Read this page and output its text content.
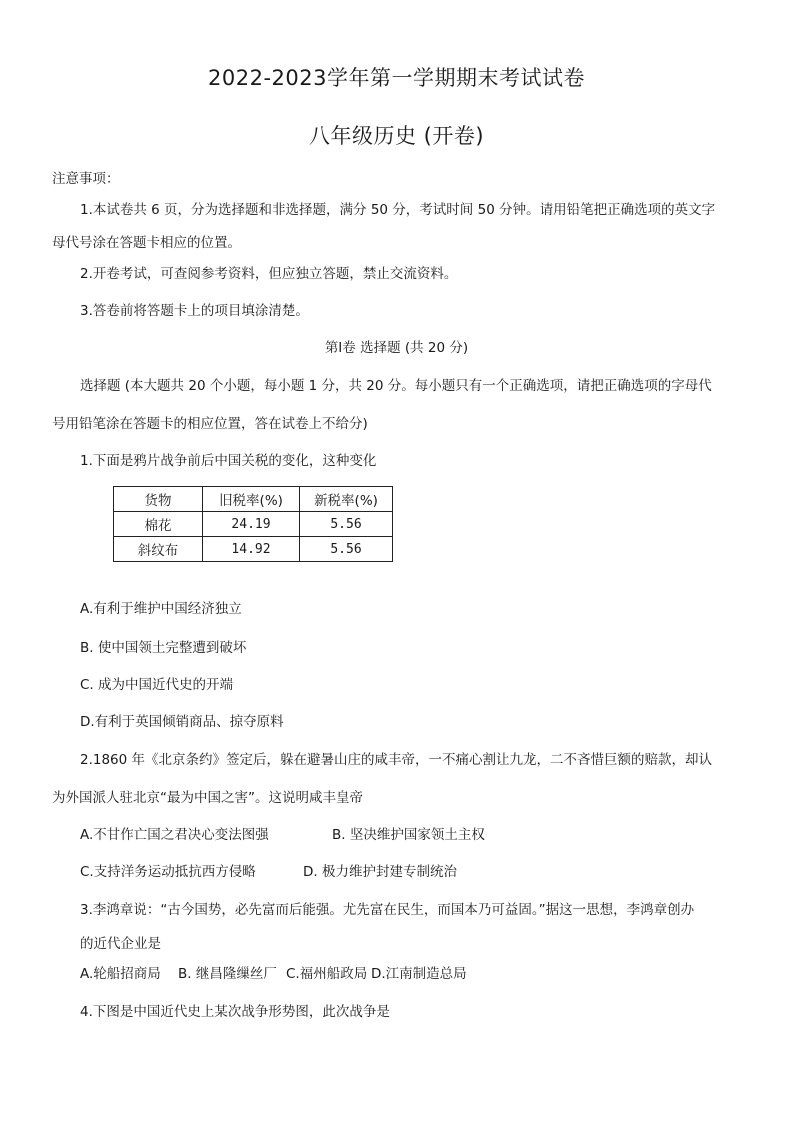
2022-2023学年第一学期期末考试试卷
八年级历史 (开卷)
注意事项：
1.本试卷共 6 页，分为选择题和非选择题，满分 50 分，考试时间 50 分钟。请用铅笔把正确选项的英文字
母代号涂在答题卡相应的位置。
2.开卷考试，可查阅参考资料，但应独立答题，禁止交流资料。
3.答卷前将答题卡上的项目填涂清楚。
第Ⅰ卷 选择题 (共 20 分)
选择题 (本大题共 20 个小题，每小题 1 分，共 20 分。每小题只有一个正确选项，请把正确选项的字母代
号用铅笔涂在答题卡的相应位置，答在试卷上不给分)
1.下面是鸦片战争前后中国关税的变化，这种变化
货物	旧税率(%)	新税率(%)
棉花	24.19	5.56
斜纹布	14.92	5.56
A.有利于维护中国经济独立
B. 使中国领土完整遭到破坏
C. 成为中国近代史的开端
D.有利于英国倾销商品、掠夺原料
2.1860 年《北京条约》签定后，躲在避暑山庄的咸丰帝，一不痛心割让九龙，二不吝惜巨额的赔款，却认
为外国派人驻北京“最为中国之害”。这说明咸丰皇帝
A.不甘作亡国之君决心变法图强	B. 坚决维护国家领土主权
C.支持洋务运动抵抗西方侵略	D. 极力维护封建专制统治
3.李鸿章说：“古今国势，必先富而后能强。尤先富在民生，而国本乃可益固。”据这一思想，李鸿章创办
的近代企业是
A.轮船招商局 B. 继昌隆缫丝厂 C.福州船政局 D.江南制造总局
4.下图是中国近代史上某次战争形势图，此次战争是
